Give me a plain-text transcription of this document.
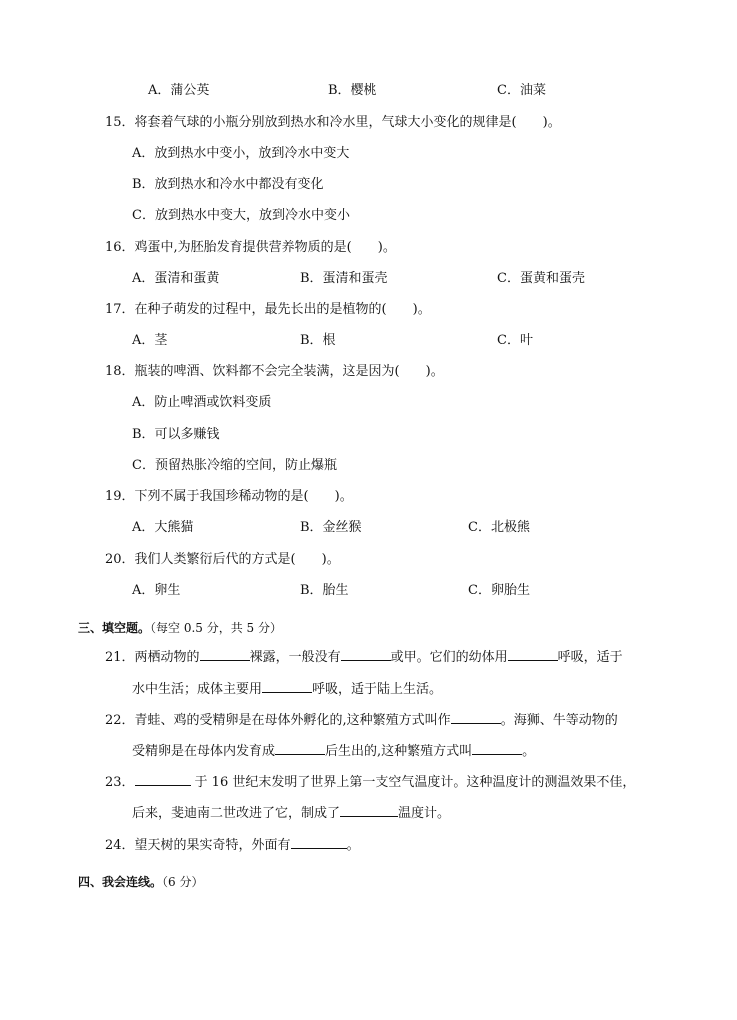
A．蒲公英	B．樱桃	C．油菜
15．将套着气球的小瓶分别放到热水和冷水里，气球大小变化的规律是(　　)。
A．放到热水中变小，放到冷水中变大
B．放到热水和冷水中都没有变化
C．放到热水中变大，放到冷水中变小
16．鸡蛋中,为胚胎发育提供营养物质的是(　　)。
A．蛋清和蛋黄	B．蛋清和蛋壳	C．蛋黄和蛋壳
17．在种子萌发的过程中，最先长出的是植物的(　　)。
A．茎	B．根	C．叶
18．瓶装的啤酒、饮料都不会完全装满，这是因为(　　)。
A．防止啤酒或饮料变质
B．可以多赚钱
C．预留热胀冷缩的空间，防止爆瓶
19．下列不属于我国珍稀动物的是(　　)。
A．大熊猫	B．金丝猴	C．北极熊
20．我们人类繁衍后代的方式是(　　)。
A．卵生	B．胎生	C．卵胎生
三、填空题。（每空 0.5 分，共 5 分）
21．两栖动物的	裸露，一般没有	或甲。它们的幼体用	呼吸，适于
水中生活；成体主要用	呼吸，适于陆上生活。
22．青蛙、鸡的受精卵是在母体外孵化的,这种繁殖方式叫作	。海狮、牛等动物的
受精卵是在母体内发育成	后生出的,这种繁殖方式叫	。
23．	于 16 世纪末发明了世界上第一支空气温度计。这种温度计的测温效果不佳，
后来，斐迪南二世改进了它，制成了	温度计。
24．望天树的果实奇特，外面有	。
四、我会连线。（6 分）
